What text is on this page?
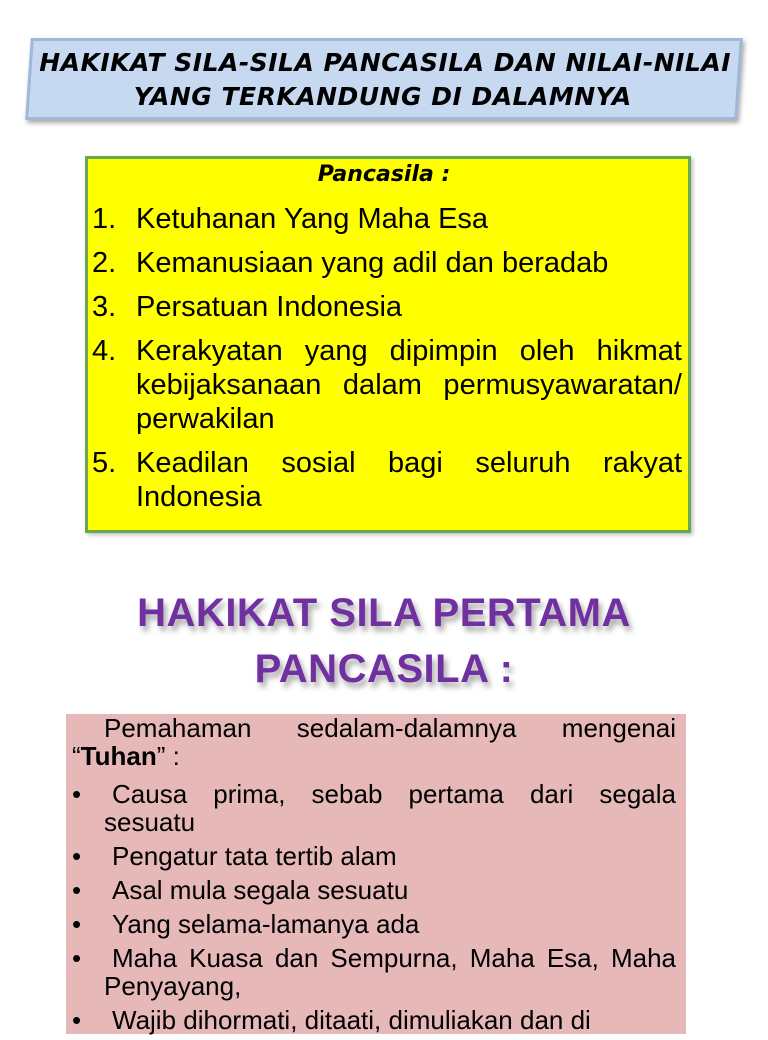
HAKIKAT SILA-SILA PANCASILA DAN NILAI-NILAI
YANG TERKANDUNG DI DALAMNYA
Pancasila :
1. Ketuhanan Yang Maha Esa
2. Kemanusiaan yang adil dan beradab
3. Persatuan Indonesia
4. Kerakyatan yang dipimpin oleh hikmat kebijaksanaan dalam permusyawaratan/ perwakilan
5. Keadilan sosial bagi seluruh rakyat Indonesia
HAKIKAT SILA PERTAMA
PANCASILA :

Pemahaman sedalam-dalamnya mengenai “Tuhan” :

• Causa prima, sebab pertama dari segala sesuatu
• Pengatur tata tertib alam
• Asal mula segala sesuatu
• Yang selama-lamanya ada
• Maha Kuasa dan Sempurna, Maha Esa, Maha Penyayang,
• Wajib dihormati, ditaati, dimuliakan dan di
